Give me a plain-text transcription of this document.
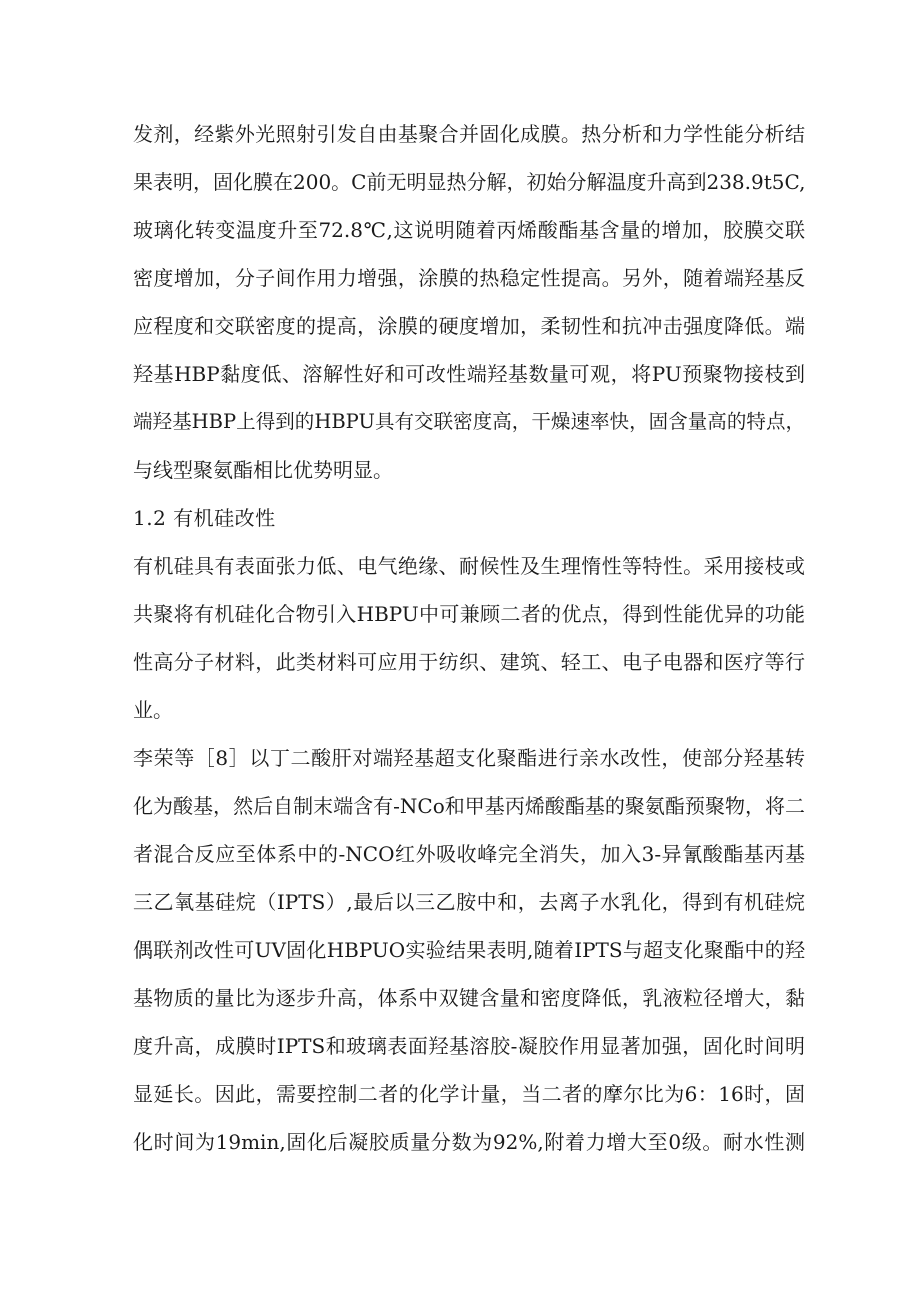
发剂，经紫外光照射引发自由基聚合并固化成膜。热分析和力学性能分析结
果表明，固化膜在200。C前无明显热分解，初始分解温度升高到238.9t5C,
玻璃化转变温度升至72.8℃,这说明随着丙烯酸酯基含量的增加，胶膜交联
密度增加，分子间作用力增强，涂膜的热稳定性提高。另外，随着端羟基反
应程度和交联密度的提高，涂膜的硬度增加，柔韧性和抗冲击强度降低。端
羟基HBP黏度低、溶解性好和可改性端羟基数量可观，将PU预聚物接枝到
端羟基HBP上得到的HBPU具有交联密度高，干燥速率快，固含量高的特点，
与线型聚氨酯相比优势明显。
1.2 有机硅改性
有机硅具有表面张力低、电气绝缘、耐候性及生理惰性等特性。采用接枝或
共聚将有机硅化合物引入HBPU中可兼顾二者的优点，得到性能优异的功能
性高分子材料，此类材料可应用于纺织、建筑、轻工、电子电器和医疗等行
业。
李荣等［8］以丁二酸肝对端羟基超支化聚酯进行亲水改性，使部分羟基转
化为酸基，然后自制末端含有-NCo和甲基丙烯酸酯基的聚氨酯预聚物，将二
者混合反应至体系中的-NCO红外吸收峰完全消失，加入3-异氰酸酯基丙基
三乙氧基硅烷（IPTS）,最后以三乙胺中和，去离子水乳化，得到有机硅烷
偶联剂改性可UV固化HBPUO实验结果表明,随着IPTS与超支化聚酯中的羟
基物质的量比为逐步升高，体系中双键含量和密度降低，乳液粒径增大，黏
度升高，成膜时IPTS和玻璃表面羟基溶胶-凝胶作用显著加强，固化时间明
显延长。因此，需要控制二者的化学计量，当二者的摩尔比为6：16时，固
化时间为19min,固化后凝胶质量分数为92%,附着力增大至0级。耐水性测
